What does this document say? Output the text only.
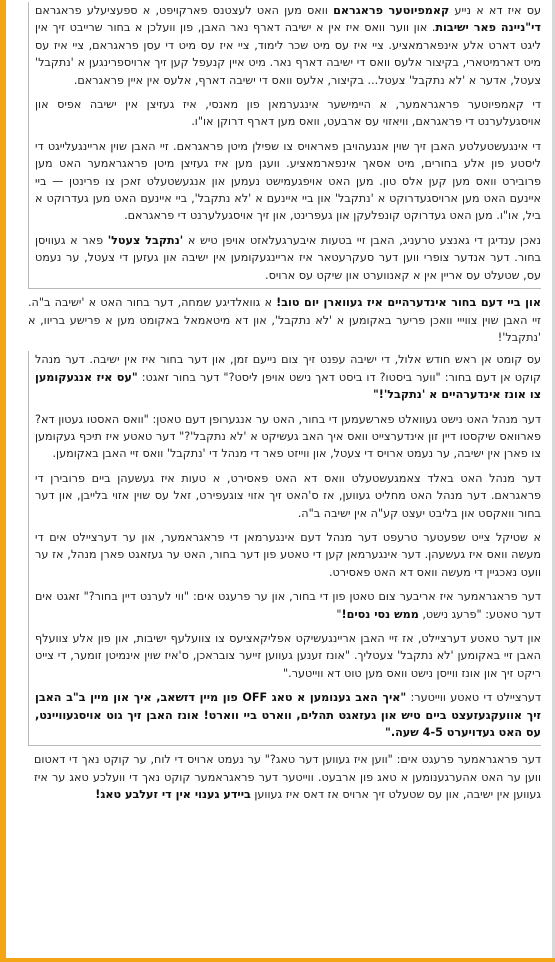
עס איז דא א נייע קאמפיוטער פראגראם וואס מען האט לעצטנס פארקויפט, א ספעציעלע פראגראם די"ניינה פאר ישיבות. און ווער וואס איז אין א ישיבה דארף נאר האבן, פון וועלכן א בחור שרייבט זיך אין ליגט דארט אלע אינפארמאציע. ציי איז עס מיט שכר לימוד, ציי איז עס מיט די עסן פראגראם, ציי איז עס מיט דארמיטארי, בקיצור אלעס וואס די ישיבה דארף נאר. מיט איין קנעפל קען זיך ארויספרינגען א 'נתקבל' צעטל, אדער א 'לא נתקבל' צעטל... בקיצור, אלעס וואס די ישיבה דארף, אלעס אין איין פראגראם.

די קאמפיוטער פראגראמער, א היימישער אינגערמאן פון מאנסי, איז געזיצן אין ישיבה אפיס און אויסגעלערנט די פראגראם, וויאזוי עס ארבעט, וואס מען דארף דרוקן או"ו.

די אינגעשטעלטע האבן זיך שוין אנגעהויבן פאראויס צו שפילן מיטן פראגראם. זיי האבן שוין אריינגעלייגט די ליסטע פון אלע בחורים, מיט אסאך אינפארמאציע. וועגן מען איז געזיצן מיטן פראגראמער האט מען פרובירט וואס מען קען אלס טון. מען האט אויפגעמישט נעמען און אנגעשטעלט זאכן צו פרינטן — ביי איינעם האט מען ארויסגעדרוקט א 'נתקבל' און ביי איינעם א 'לא נתקבל', ביי איינעם האט מען געדרוקט א ביל, או"ו. מען האט געדרוקט קונפלעקן און געפרינט, און זיך אויסגעלערנט די פראגראם.

נאכן ענדיגן די גאנצע טרעניג, האבן זיי בטעות איבערגעלאזט אויפן טיש א 'נתקבל צעטל' פאר א געוויסן בחור. דער אנדער צופרי ווען דער סעקרעטאר איז אריינגעקומען אין ישיבה און געזען די צעטל, ער נעמט עס, שטעלט עס אריין אין א קאנווערט און שיקט עס ארויס.

און ביי דעם בחור אינדערהיים איז געווארן יום טוב! א גוואלדיגע שמחה, דער בחור האט א 'ישיבה ב"ה. זיי האבן שוין צווייי וואכן פריער באקומען א 'לא נתקבל', און דא מיטאמאל באקומט מען א פרישע בריוו, א 'נתקבל'!

עס קומט אן ראש חודש אלול, די ישיבה עפנט זיך צום נייעם זמן, און דער בחור איז אין ישיבה. דער מנהל קוקט אן דעם בחור: "ווער ביסטו? דו ביסט דאך נישט אויפן ליסט?" דער בחור זאגט: "עס איז אנגעקומען צו אונז אינדערהיים א 'נתקבל'!"

דער מנהל האט נישט געוואלט פארשעמען די בחור, האט ער אנגערופן דעם טאטן: "וואס האסטו געטון דא? פארוואס שיקסטו דיין זון אינדערצייט וואס איך האב געשיקט א 'לא נתקבל'?" דער טאטע איז תיכף געקומען צו פארן אין ישיבה, ער נעמט ארויס די צעטל, און ווייזט פאר די מנהל די 'נתקבל' וואס זיי האבן באקומען.

דער מנהל האט באלד צאמגעשטעלט וואס דא האט פאסירט, א טעות איז געשעהן ביים פרובירן די פראגראם. דער מנהל האט מחליט געווען, אז ס'האט זיך אזוי צוגעפירט, זאל עס שוין אזוי בלייבן, און דער בחור וואקסט און בליבט יעצט קע"ה אין ישיבה ב"ה.

א שטיקל צייט שפעטער טרעפט דער מנהל דעם אינגערמאן די פראגראמער, און ער דערציילט אים די מעשה וואס איז געשעהן. דער אינגערמאן קען די טאטע פון דער בחור, האט ער געזאגט פארן מנהל, אז ער וועט נאכגיין די מעשה וואס דא האט פאסירט.

דער פראגראמער איז אריבער צום טאטן פון די בחור, און ער פרעגט אים: "ווי לערנט דיין בחור?" זאגט אים דער טאטע: "פרעג נישט, ממש נסי נסים!"

און דער טאטע דערציילט, אז זיי האבן אריינגעשיקט אפליקאציעס צו צוועלעף ישיבות, און פון אלע צוועלף האבן זיי באקומען 'לא נתקבל' צעטליך. "אונז זענען געווען זייער צובראכן, ס'איז שוין אינמיטן זומער, די צייט ריקט זיך און אונז ווייסן נישט וואס מען טוט דא ווייטער."

דערציילט די טאטע ווייטער: "איך האב גענומען א טאג OFF פון מיין דזשאב, איך און מיין ב"ב האבן זיך אוועקגעזעצט ביים טיש און געזאגט תהלים, ווארט ביי ווארט! אונז האבן זיך גוט אויסגעוויינט, עס האט געדויערט 4-5 שעה."

דער פראגראמער פרעגט אים: "ווען איז געווען דער טאג?" ער נעמט ארויס די לוח, ער קוקט נאך די דאטום ווען ער האט אהערגענומען א טאג פון ארבעט. ווייטער דער פראגראמער קוקט נאך די וועלכע טאג ער איז געווען אין ישיבה, און עס שטעלט זיך ארויס אז דאס איז געווען ביידע גענוי אין די זעלבע טאג!
